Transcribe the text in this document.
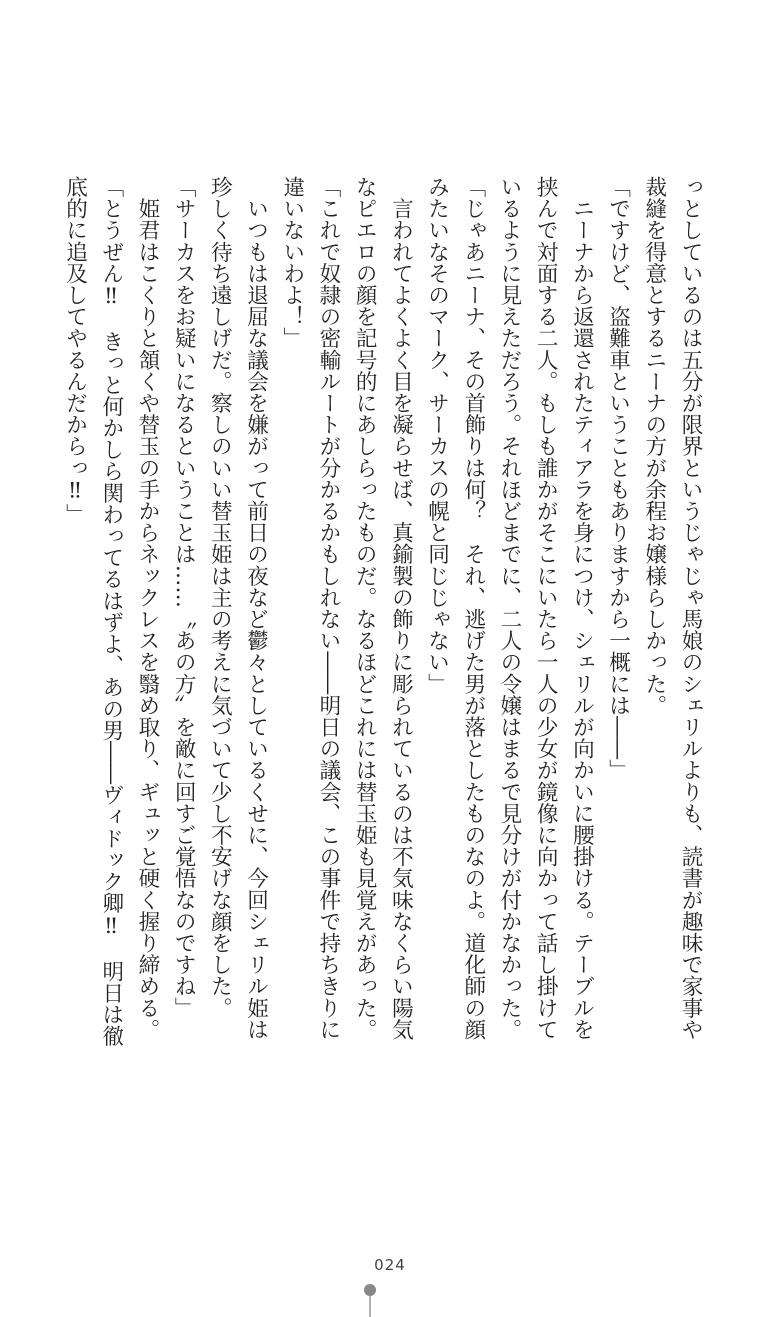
っとしているのは五分が限界というじゃじゃ馬娘のシェリルよりも、読書が趣味で家事や
裁縫を得意とするニーナの方が余程お嬢様らしかった。
「ですけど、盗難車ということもありますから一概には――」
　ニーナから返還されたティアラを身につけ、シェリルが向かいに腰掛ける。テーブルを
挟んで対面する二人。もしも誰かがそこにいたら一人の少女が鏡像に向かって話し掛けて
いるように見えただろう。それほどまでに、二人の令嬢はまるで見分けが付かなかった。
「じゃあニーナ、その首飾りは何？　それ、逃げた男が落としたものなのよ。道化師の顔
みたいなそのマーク、サーカスの幌と同じじゃない」
　言われてよくよく目を凝らせば、真鍮製の飾りに彫られているのは不気味なくらい陽気
なピエロの顔を記号的にあしらったものだ。なるほどこれには替玉姫も見覚えがあった。
「これで奴隷の密輸ルートが分かるかもしれない――明日の議会、この事件で持ちきりに
違いないわよ！」
　いつもは退屈な議会を嫌がって前日の夜など鬱々としているくせに、今回シェリル姫は
珍しく待ち遠しげだ。察しのいい替玉姫は主の考えに気づいて少し不安げな顔をした。
「サーカスをお疑いになるということは……〝あの方〟を敵に回すご覚悟なのですね」
　姫君はこくりと頷くや替玉の手からネックレスを翳め取り、ギュッと硬く握り締める。
「とうぜん‼　きっと何かしら関わってるはずよ、あの男――ヴィドック卿‼　明日は徹
底的に追及してやるんだからっ‼」
024
